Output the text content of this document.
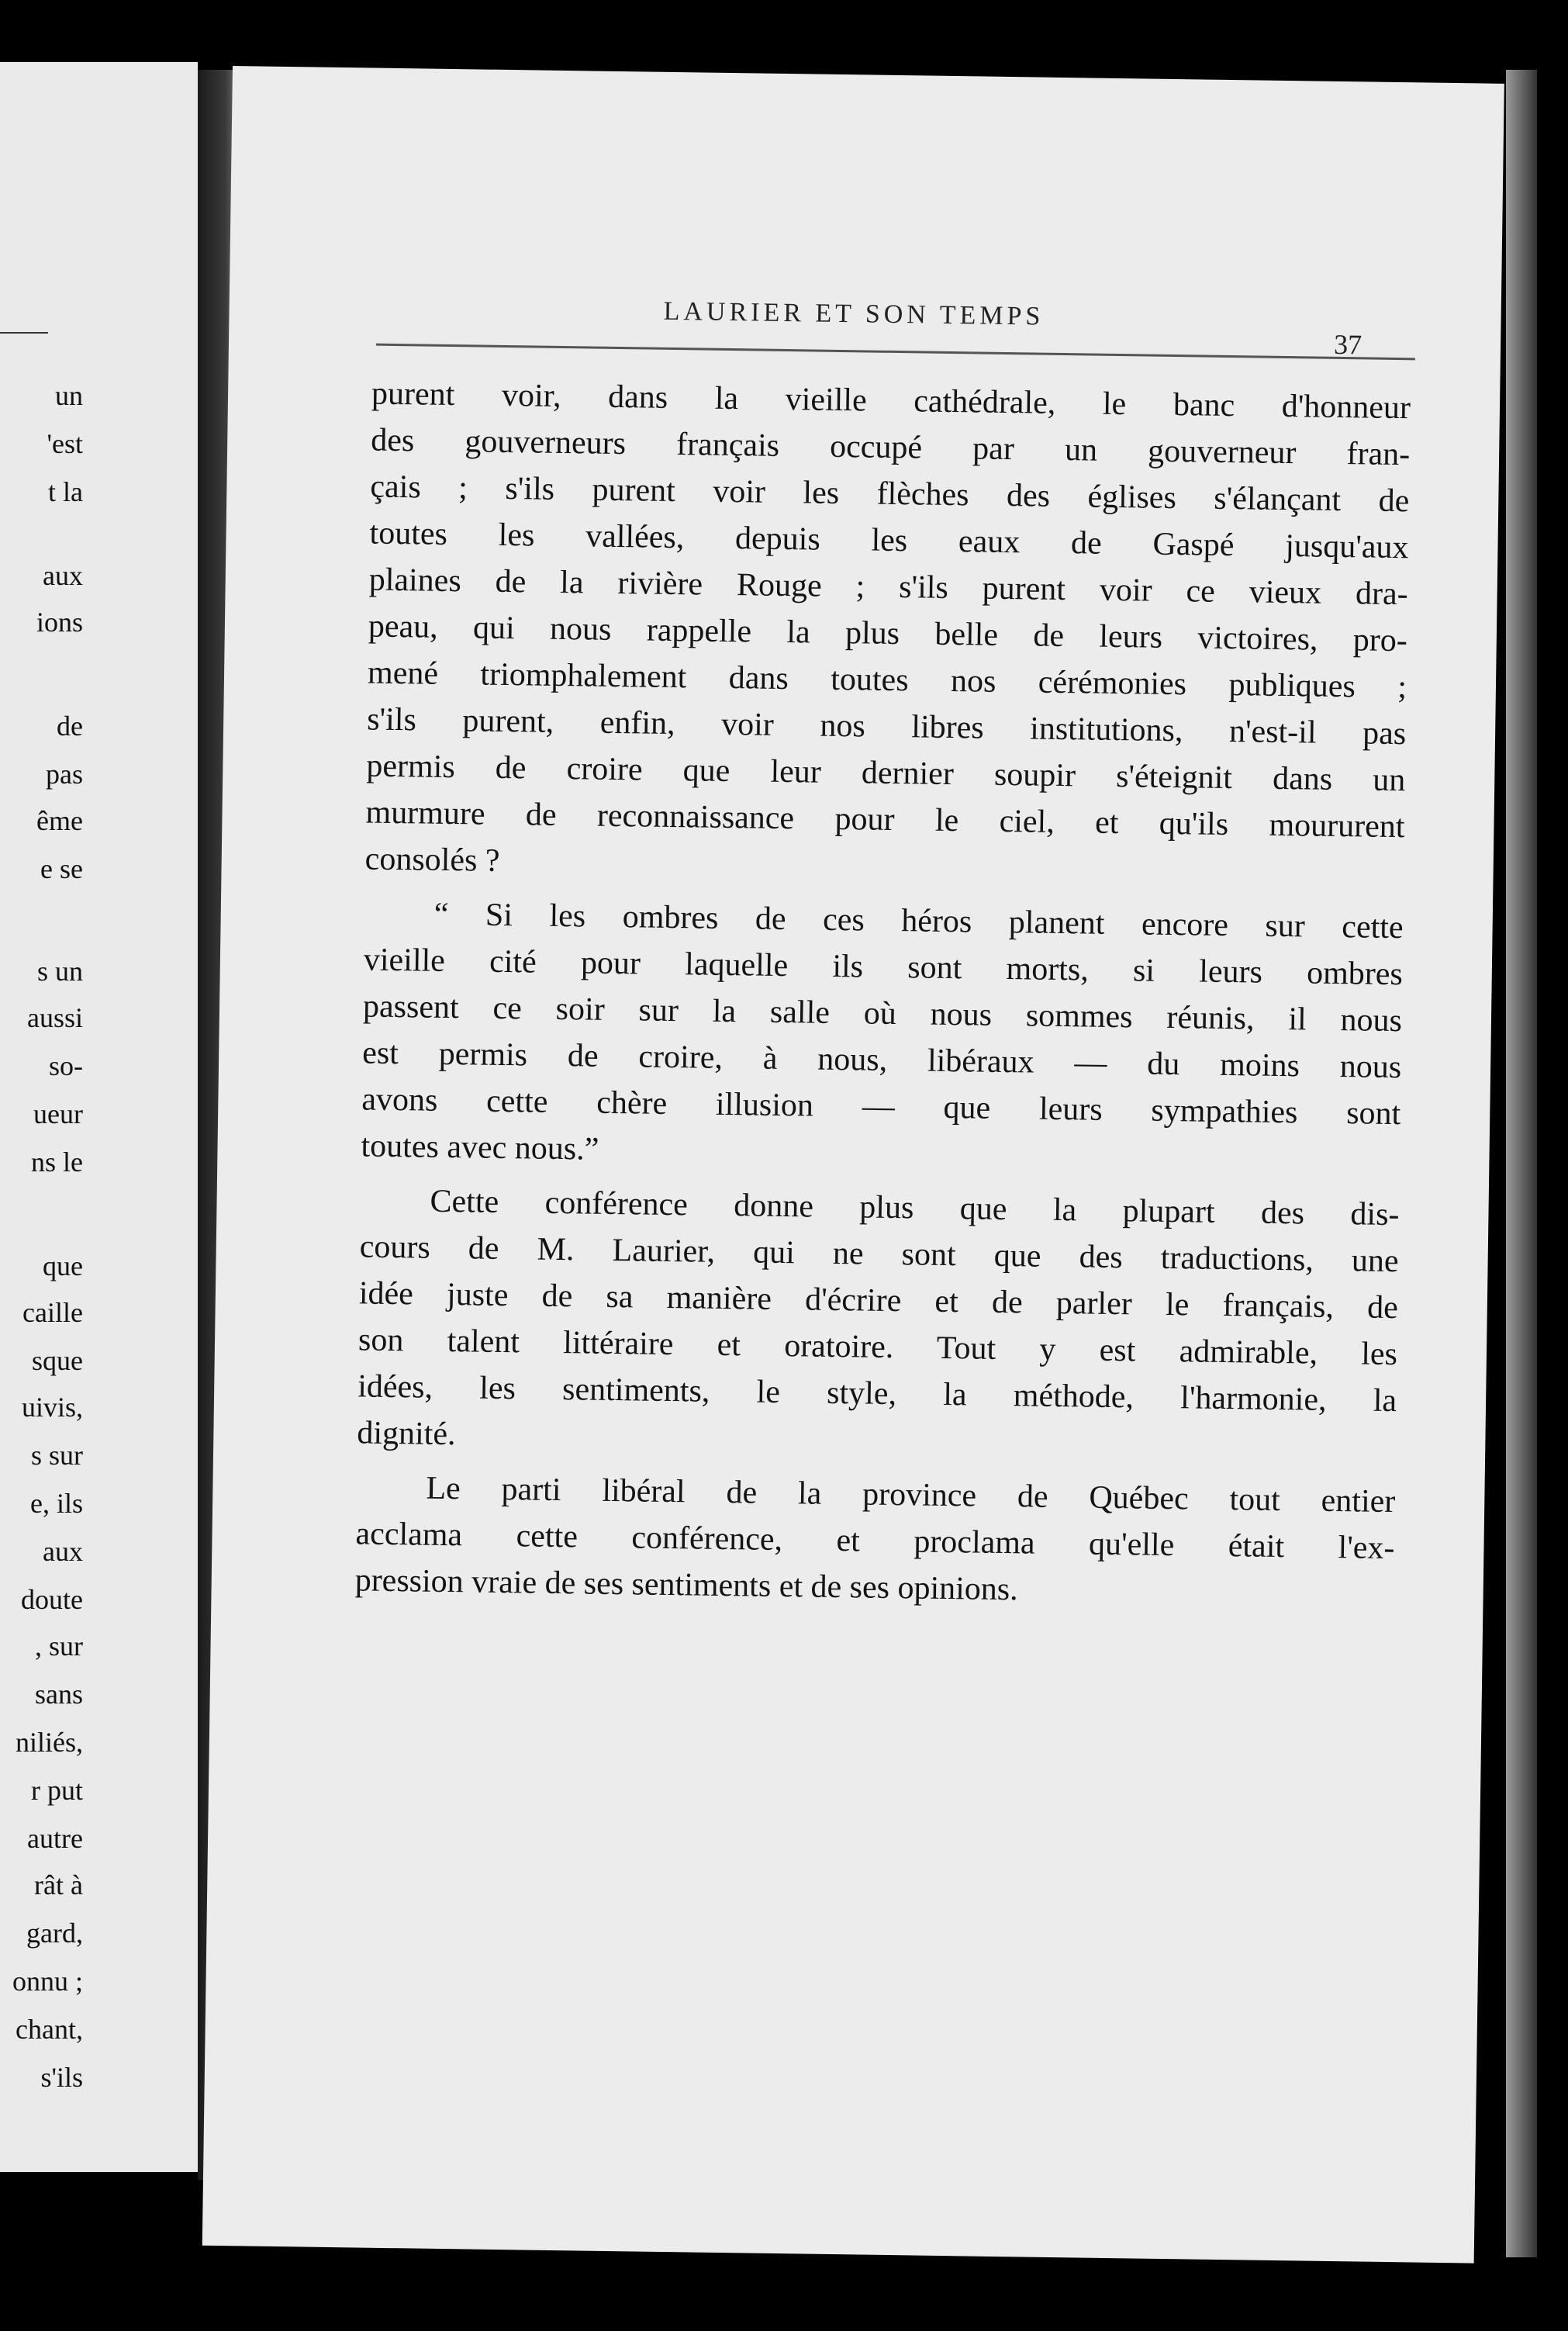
un
'est
t la
aux
ions
de
pas
ême
e se
s un
aussi
so-
ueur
ns le
que
caille
sque
uivis,
s sur
e, ils
aux
doute
, sur
sans
niliés,
r put
autre
rât à
gard,
onnu ;
chant,
s'ils
LAURIER ET SON TEMPS
37
purent voir, dans la vieille cathédrale, le banc d'honneur
des gouverneurs français occupé par un gouverneur fran-
çais ; s'ils purent voir les flèches des églises s'élançant de
toutes les vallées, depuis les eaux de Gaspé jusqu'aux
plaines de la rivière Rouge ; s'ils purent voir ce vieux dra-
peau, qui nous rappelle la plus belle de leurs victoires, pro-
mené triomphalement dans toutes nos cérémonies publiques ;
s'ils purent, enfin, voir nos libres institutions, n'est-il pas
permis de croire que leur dernier soupir s'éteignit dans un
murmure de reconnaissance pour le ciel, et qu'ils moururent
consolés ?
“ Si les ombres de ces héros planent encore sur cette
vieille cité pour laquelle ils sont morts, si leurs ombres
passent ce soir sur la salle où nous sommes réunis, il nous
est permis de croire, à nous, libéraux — du moins nous
avons cette chère illusion — que leurs sympathies sont
toutes avec nous.”
Cette conférence donne plus que la plupart des dis-
cours de M. Laurier, qui ne sont que des traductions, une
idée juste de sa manière d'écrire et de parler le français, de
son talent littéraire et oratoire. Tout y est admirable, les
idées, les sentiments, le style, la méthode, l'harmonie, la
dignité.
Le parti libéral de la province de Québec tout entier
acclama cette conférence, et proclama qu'elle était l'ex-
pression vraie de ses sentiments et de ses opinions.
